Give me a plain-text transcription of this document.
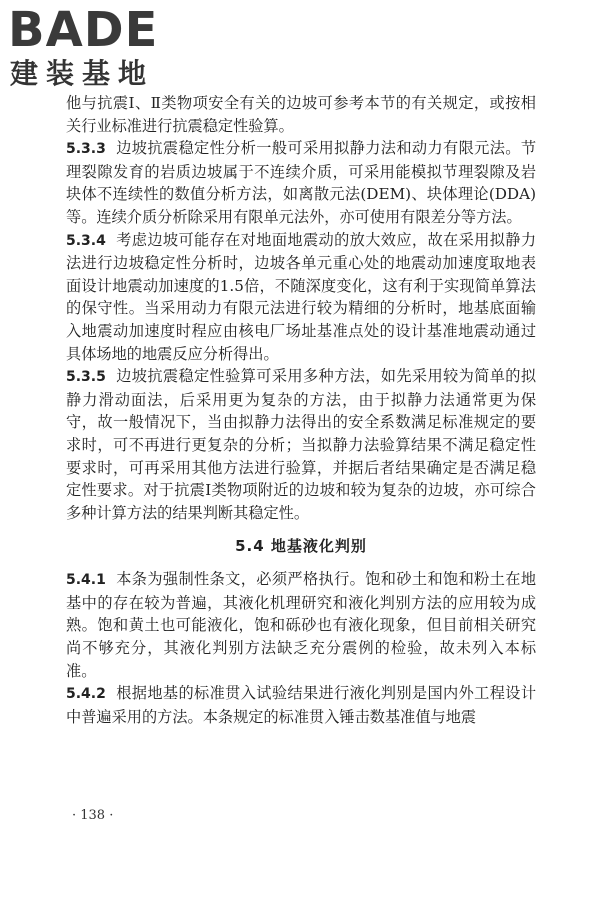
BADE
建装基地

他与抗震Ⅰ、Ⅱ类物项安全有关的边坡可参考本节的有关规定，或按相关行业标准进行抗震稳定性验算。

5.3.3 边坡抗震稳定性分析一般可采用拟静力法和动力有限元法。节理裂隙发育的岩质边坡属于不连续介质，可采用能模拟节理裂隙及岩块体不连续性的数值分析方法，如离散元法(DEM)、块体理论(DDA)等。连续介质分析除采用有限单元法外，亦可使用有限差分等方法。

5.3.4 考虑边坡可能存在对地面地震动的放大效应，故在采用拟静力法进行边坡稳定性分析时，边坡各单元重心处的地震动加速度取地表面设计地震动加速度的1.5倍，不随深度变化，这有利于实现简单算法的保守性。当采用动力有限元法进行较为精细的分析时，地基底面输入地震动加速度时程应由核电厂场址基准点处的设计基准地震动通过具体场地的地震反应分析得出。

5.3.5 边坡抗震稳定性验算可采用多种方法，如先采用较为简单的拟静力滑动面法，后采用更为复杂的方法，由于拟静力法通常更为保守，故一般情况下，当由拟静力法得出的安全系数满足标准规定的要求时，可不再进行更复杂的分析；当拟静力法验算结果不满足稳定性要求时，可再采用其他方法进行验算，并据后者结果确定是否满足稳定性要求。对于抗震Ⅰ类物项附近的边坡和较为复杂的边坡，亦可综合多种计算方法的结果判断其稳定性。

5.4 地基液化判别

5.4.1 本条为强制性条文，必须严格执行。饱和砂土和饱和粉土在地基中的存在较为普遍，其液化机理研究和液化判别方法的应用较为成熟。饱和黄土也可能液化，饱和砾砂也有液化现象，但目前相关研究尚不够充分，其液化判别方法缺乏充分震例的检验，故未列入本标准。

5.4.2 根据地基的标准贯入试验结果进行液化判别是国内外工程设计中普遍采用的方法。本条规定的标准贯入锤击数基准值与地震

· 138 ·
